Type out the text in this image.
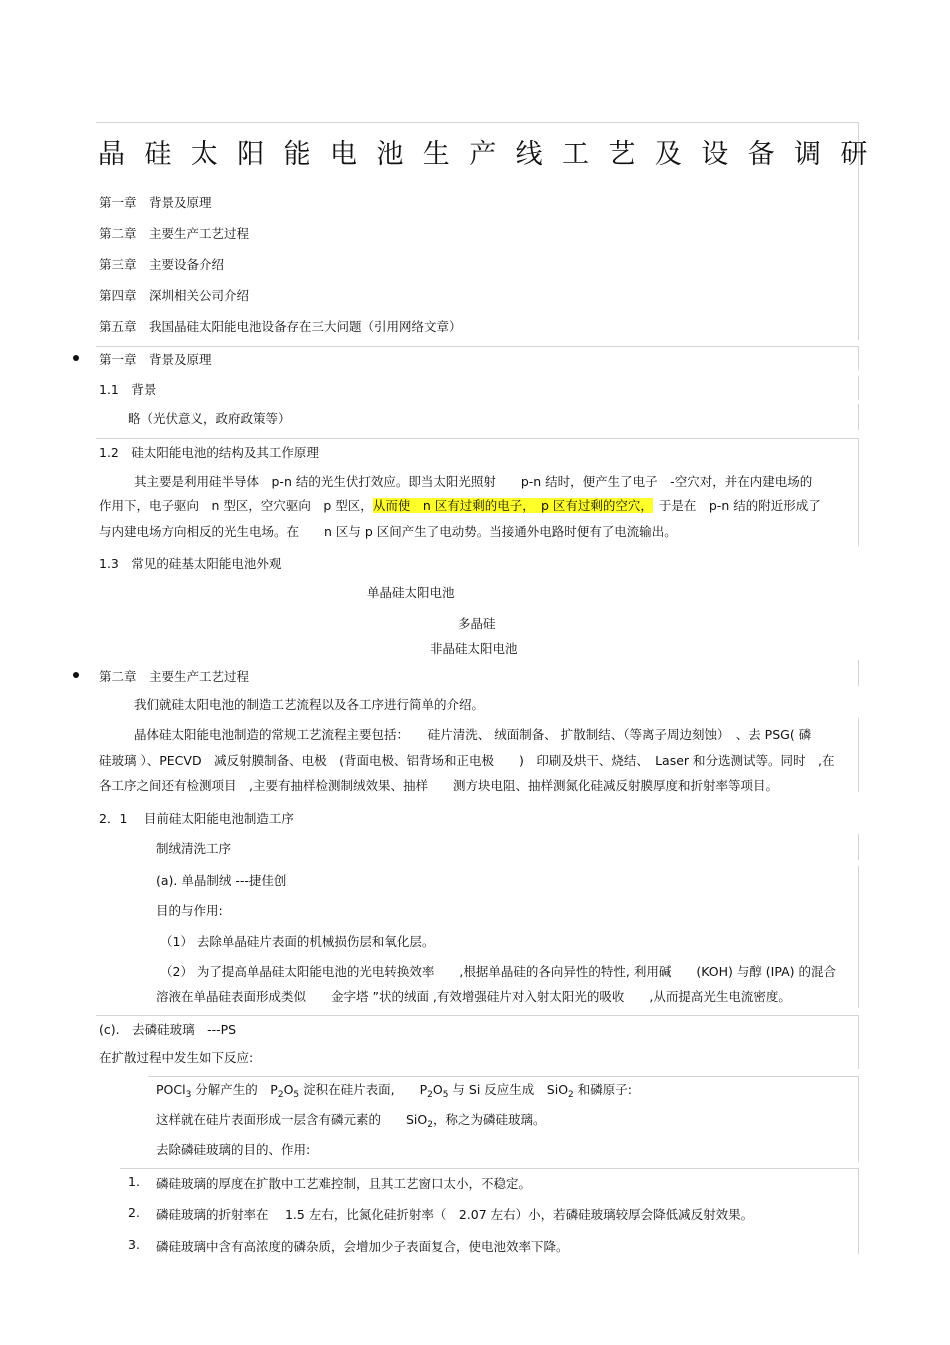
晶硅太阳能电池生产线工艺及设备调研
第一章　背景及原理
第二章　主要生产工艺过程
第三章　主要设备介绍
第四章　深圳相关公司介绍
第五章　我国晶硅太阳能电池设备存在三大问题（引用网络文章）
第一章　背景及原理
1.1　背景
略（光伏意义，政府政策等）
1.2　硅太阳能电池的结构及其工作原理
其主要是利用硅半导体　p-n 结的光生伏打效应。即当太阳光照射　　p-n 结时，便产生了电子　-空穴对，并在内建电场的
作用下，电子驱向　n 型区，空穴驱向　p 型区，从而使　n 区有过剩的电子，　p 区有过剩的空穴， 于是在　p-n 结的附近形成了
与内建电场方向相反的光生电场。在　　n 区与 p 区间产生了电动势。当接通外电路时便有了电流输出。
1.3　常见的硅基太阳能电池外观
单晶硅太阳电池
多晶硅
非晶硅太阳电池
第二章　主要生产工艺过程
我们就硅太阳电池的制造工艺流程以及各工序进行简单的介绍。
晶体硅太阳能电池制造的常规工艺流程主要包括：　　硅片清洗、 绒面制备、 扩散制结、（等离子周边刻蚀）　、去 PSG( 磷
硅玻璃 ）、PECVD　减反射膜制备、电极　(背面电极、铝背场和正电极　　)　印刷及烘干、烧结、　Laser 和分选测试等。同时　,在
各工序之间还有检测项目　,主要有抽样检测制绒效果、抽样　　测方块电阻、抽样测氮化硅减反射膜厚度和折射率等项目。
2．1　 目前硅太阳能电池制造工序
制绒清洗工序
(a). 单晶制绒 ---捷佳创
目的与作用:
（1） 去除单晶硅片表面的机械损伤层和氧化层。
（2） 为了提高单晶硅太阳能电池的光电转换效率　　,根据单晶硅的各向异性的特性, 利用碱　　(KOH) 与醇 (IPA) 的混合
溶液在单晶硅表面形成类似　　金字塔 ”状的绒面 ,有效增强硅片对入射太阳光的吸收　　,从而提高光生电流密度。
(c).　去磷硅玻璃　---PS
在扩散过程中发生如下反应:
POCl$_3$ 分解产生的　$P_2O_5$ 淀积在硅片表面,　　$P_2O_5$ 与 Si 反应生成　SiO$_2$ 和磷原子:
这样就在硅片表面形成一层含有磷元素的　　SiO$_2$，称之为磷硅玻璃。
去除磷硅玻璃的目的、作用:
1. 磷硅玻璃的厚度在扩散中工艺难控制，且其工艺窗口太小，不稳定。
2. 磷硅玻璃的折射率在　 1.5 左右，比氮化硅折射率（　2.07 左右）小，若磷硅玻璃较厚会降低减反射效果。
3. 磷硅玻璃中含有高浓度的磷杂质，会增加少子表面复合，使电池效率下降。
